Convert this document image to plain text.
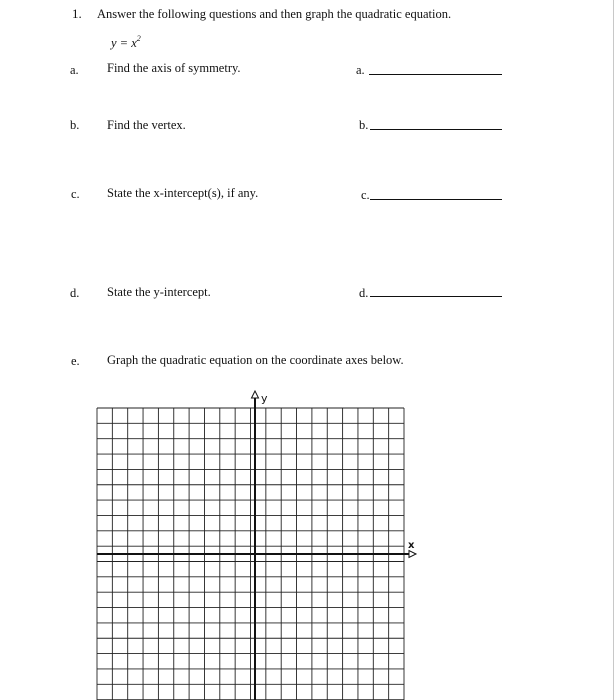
1. Answer the following questions and then graph the quadratic equation.
$y = x^2$
a. Find the axis of symmetry.	a.
b. Find the vertex.	b.
c. State the x-intercept(s), if any.	c.
d. State the y-intercept.	d.
e. Graph the quadratic equation on the coordinate axes below.
x
y
